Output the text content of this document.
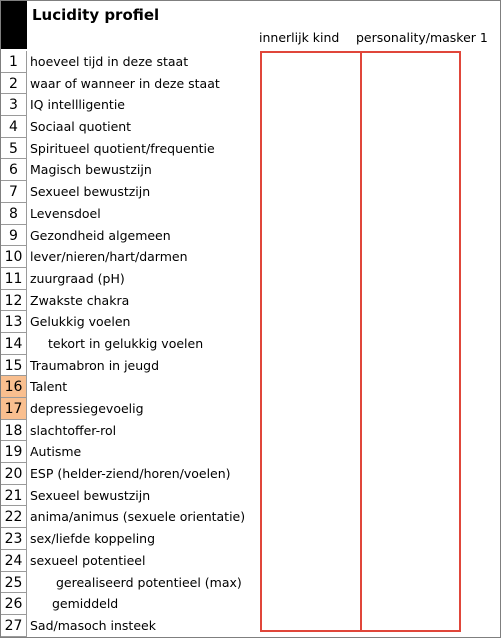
Lucidity profiel
innerlijk kind personality/masker 1
1 hoeveel tijd in deze staat
2 waar of wanneer in deze staat
3 IQ intellligentie
4 Sociaal quotient
5 Spiritueel quotient/frequentie
6 Magisch bewustzijn
7 Sexueel bewustzijn
8 Levensdoel
9 Gezondheid algemeen
10 lever/nieren/hart/darmen
11 zuurgraad (pH)
12 Zwakste chakra
13 Gelukkig voelen
14	tekort in gelukkig voelen
15 Traumabron in jeugd
16 Talent
17 depressiegevoelig
18 slachtoffer-rol
19 Autisme
20 ESP (helder-ziend/horen/voelen)
21 Sexueel bewustzijn
22 anima/animus (sexuele orientatie)
23 sex/liefde koppeling
24 sexueel potentieel
25	gerealiseerd potentieel (max)
26	gemiddeld
27 Sad/masoch insteek
